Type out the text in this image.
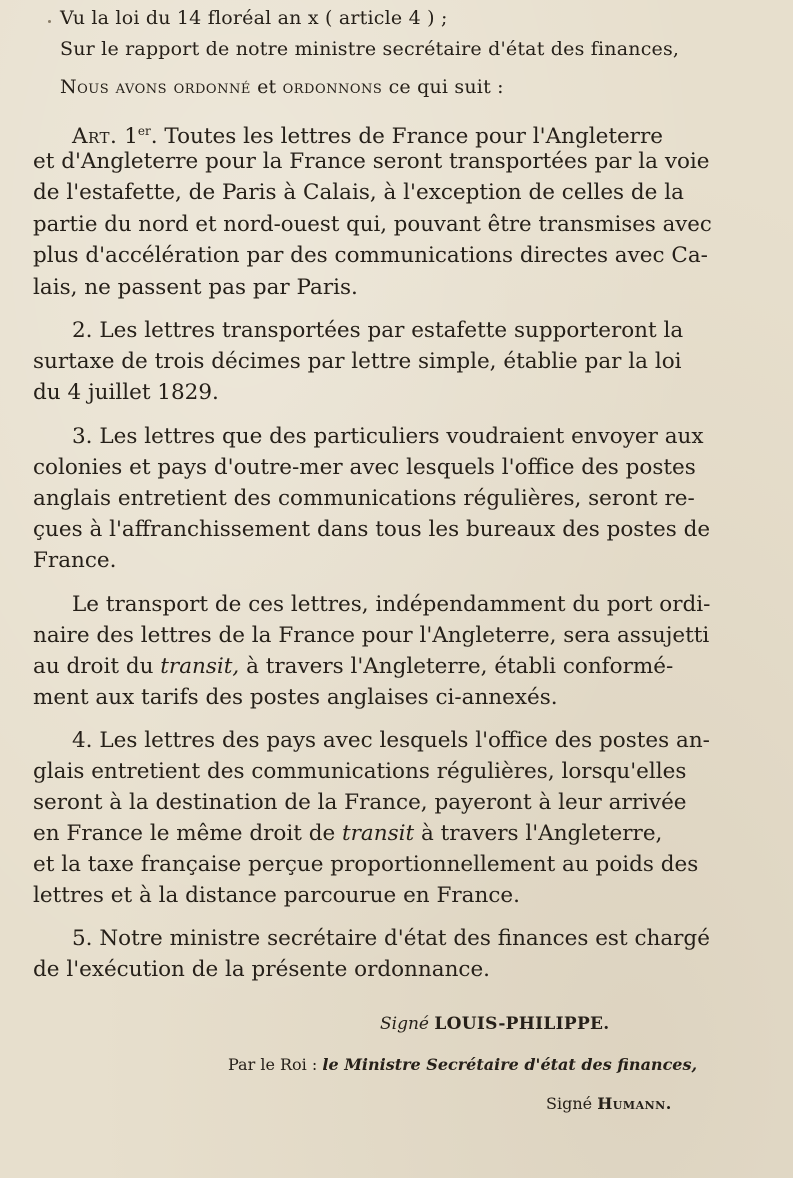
Vu la loi du 14 floréal an x ( article 4 ) ;
Sur le rapport de notre ministre secrétaire d'état des finances,
Nous avons ordonné et ordonnons ce qui suit :
Art. 1er. Toutes les lettres de France pour l'Angleterre
et d'Angleterre pour la France seront transportées par la voie
de l'estafette, de Paris à Calais, à l'exception de celles de la
partie du nord et nord-ouest qui, pouvant être transmises avec
plus d'accélération par des communications directes avec Ca-
lais, ne passent pas par Paris.
2. Les lettres transportées par estafette supporteront la
surtaxe de trois décimes par lettre simple, établie par la loi
du 4 juillet 1829.
3. Les lettres que des particuliers voudraient envoyer aux
colonies et pays d'outre-mer avec lesquels l'office des postes
anglais entretient des communications régulières, seront re-
çues à l'affranchissement dans tous les bureaux des postes de
France.
Le transport de ces lettres, indépendamment du port ordi-
naire des lettres de la France pour l'Angleterre, sera assujetti
au droit du transit, à travers l'Angleterre, établi conformé-
ment aux tarifs des postes anglaises ci-annexés.
4. Les lettres des pays avec lesquels l'office des postes an-
glais entretient des communications régulières, lorsqu'elles
seront à la destination de la France, payeront à leur arrivée
en France le même droit de transit à travers l'Angleterre,
et la taxe française perçue proportionnellement au poids des
lettres et à la distance parcourue en France.
5. Notre ministre secrétaire d'état des finances est chargé
de l'exécution de la présente ordonnance.
Signé LOUIS-PHILIPPE.
Par le Roi : le Ministre Secrétaire d'état des finances,
Signé Humann.
